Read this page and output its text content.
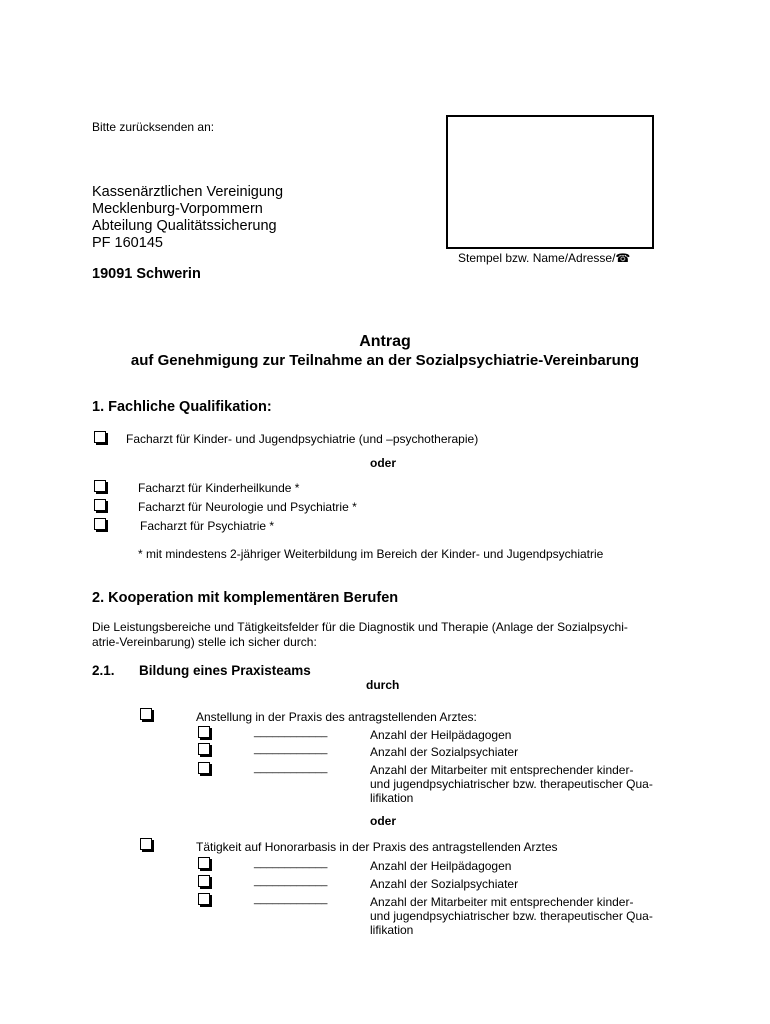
Bitte zurücksenden an:
Kassenärztlichen Vereinigung
Mecklenburg-Vorpommern
Abteilung Qualitätssicherung
PF 160145
19091 Schwerin
Stempel bzw. Name/Adresse/☎
Antrag
auf Genehmigung zur Teilnahme an der Sozialpsychiatrie-Vereinbarung
1. Fachliche Qualifikation:
Facharzt für Kinder- und Jugendpsychiatrie (und –psychotherapie)
oder
Facharzt für Kinderheilkunde *
Facharzt für Neurologie und Psychiatrie *
Facharzt für Psychiatrie *
* mit mindestens 2-jähriger Weiterbildung im Bereich der Kinder- und Jugendpsychiatrie
2. Kooperation mit komplementären Berufen
Die Leistungsbereiche und Tätigkeitsfelder für die Diagnostik und Therapie (Anlage der Sozialpsychi-
atrie-Vereinbarung) stelle ich sicher durch:
2.1. Bildung eines Praxisteams
durch
Anstellung in der Praxis des antragstellenden Arztes:
____________	Anzahl der Heilpädagogen
____________	Anzahl der Sozialpsychiater
____________	Anzahl der Mitarbeiter mit entsprechender kinder-
und jugendpsychiatrischer bzw. therapeutischer Qua-
lifikation
oder
Tätigkeit auf Honorarbasis in der Praxis des antragstellenden Arztes
____________	Anzahl der Heilpädagogen
____________	Anzahl der Sozialpsychiater
____________	Anzahl der Mitarbeiter mit entsprechender kinder-
und jugendpsychiatrischer bzw. therapeutischer Qua-
lifikation
